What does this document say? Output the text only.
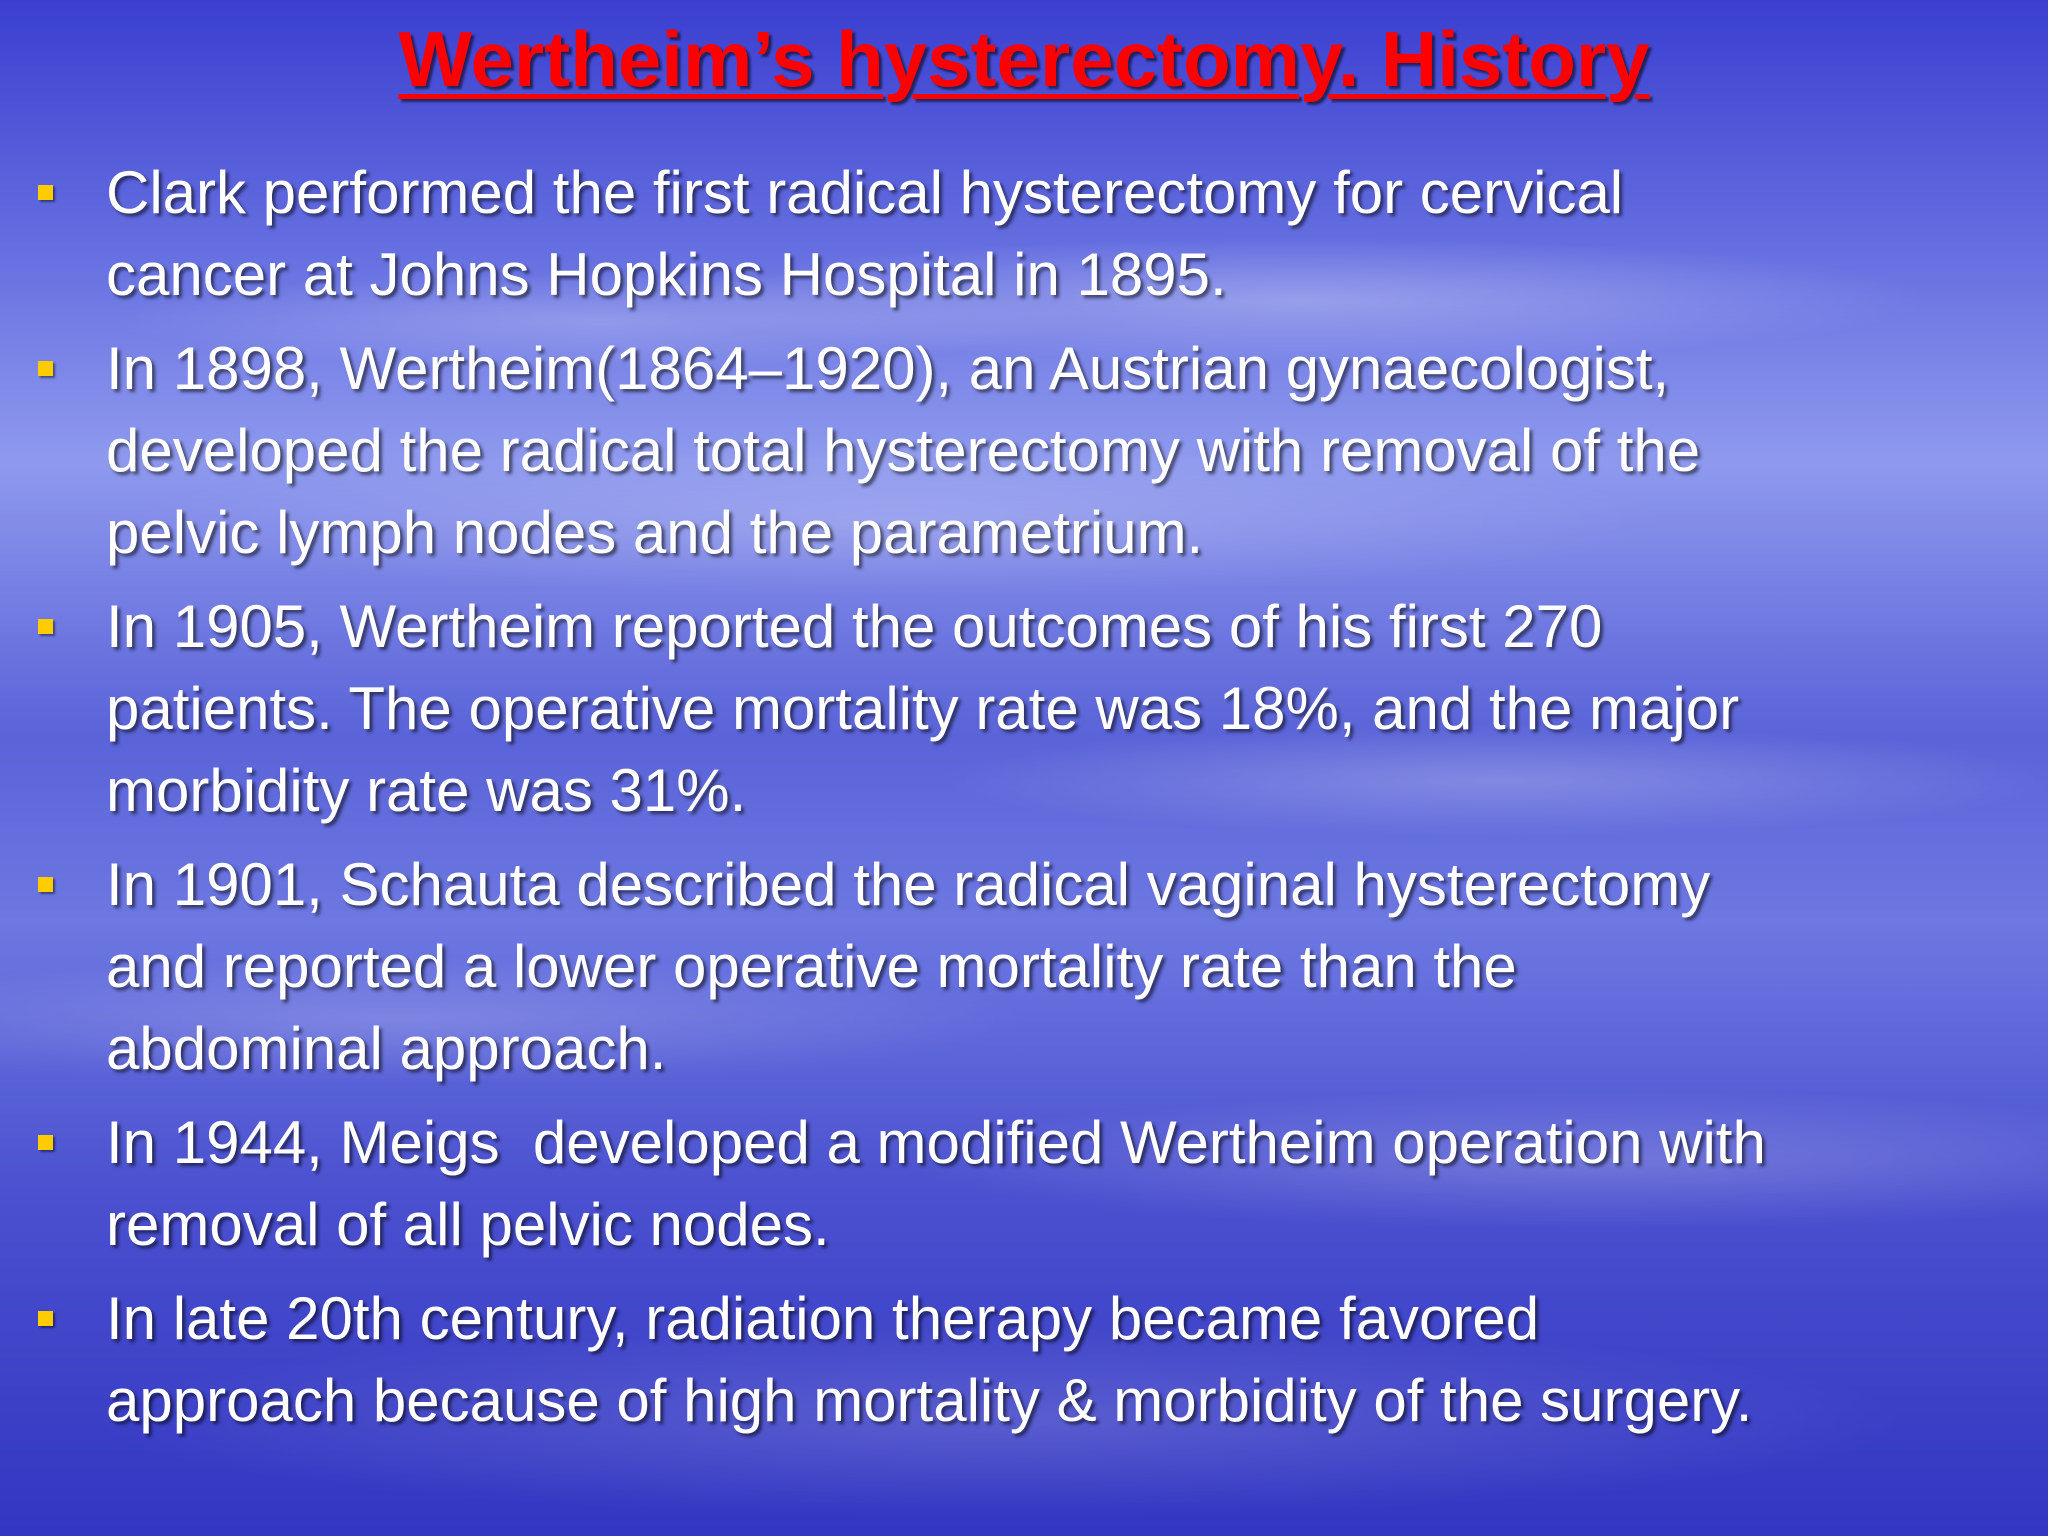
Wertheim’s hysterectomy. History
Clark performed the first radical hysterectomy for cervical
cancer at Johns Hopkins Hospital in 1895.
In 1898, Wertheim(1864–1920), an Austrian gynaecologist,
developed the radical total hysterectomy with removal of the
pelvic lymph nodes and the parametrium.
In 1905, Wertheim reported the outcomes of his first 270
patients. The operative mortality rate was 18%, and the major
morbidity rate was 31%.
In 1901, Schauta described the radical vaginal hysterectomy
and reported a lower operative mortality rate than the
abdominal approach.
In 1944, Meigs  developed a modified Wertheim operation with
removal of all pelvic nodes.
In late 20th century, radiation therapy became favored
approach because of high mortality & morbidity of the surgery.
